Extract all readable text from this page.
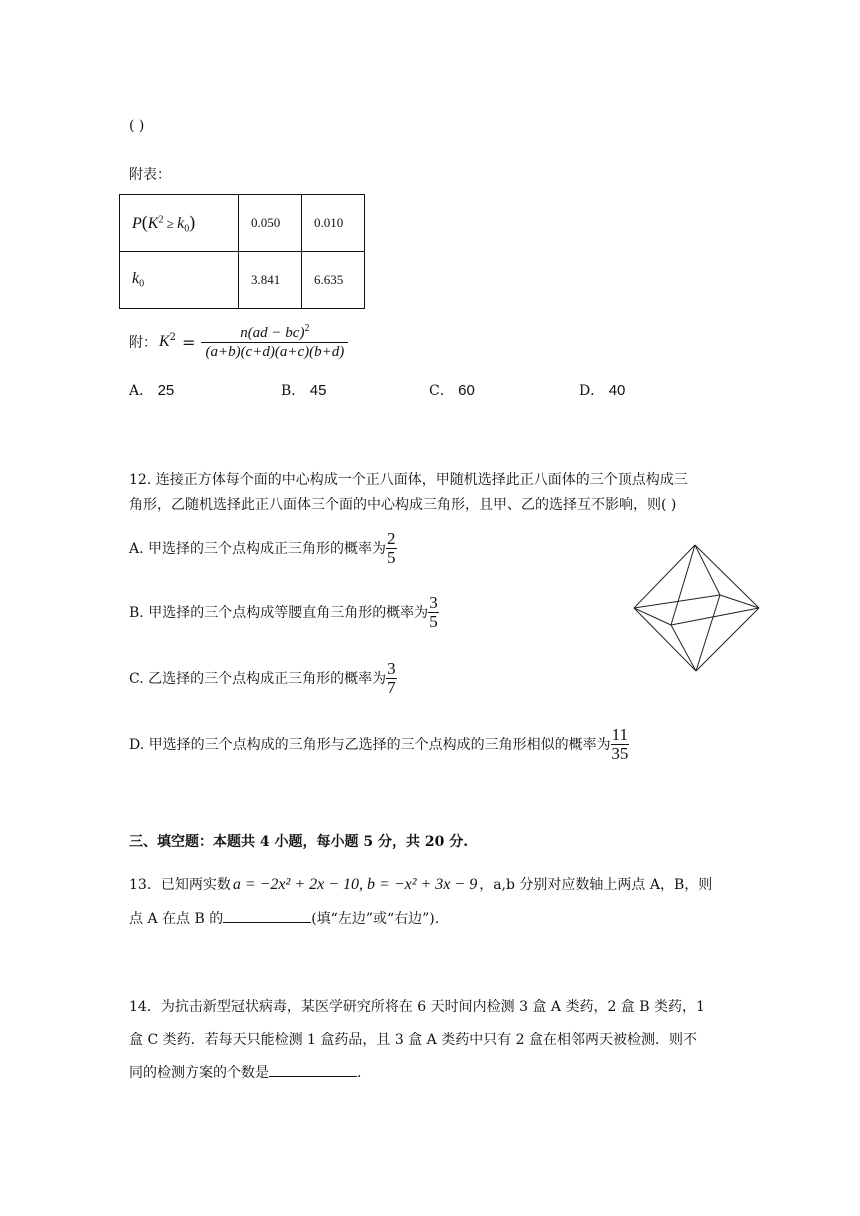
( )
附表：
$P(K^2 \ge k_0)$	0.050	0.010
$k_0$	3.841	6.635
附： $K^2 = \frac{n(ad - bc)^2}{(a+b)(c+d)(a+c)(b+d)}$
A． 25	B． 45	C． 60	D． 40
12. 连接正方体每个面的中心构成一个正八面体，甲随机选择此正八面体的三个顶点构成三
角形，乙随机选择此正八面体三个面的中心构成三角形，且甲、乙的选择互不影响，则( )
A. 甲选择的三个点构成正三角形的概率为 $\frac{2}{5}$
B. 甲选择的三个点构成等腰直角三角形的概率为 $\frac{3}{5}$
C. 乙选择的三个点构成正三角形的概率为 $\frac{3}{7}$
D. 甲选择的三个点构成的三角形与乙选择的三个点构成的三角形相似的概率为 $\frac{11}{35}$
三、填空题：本题共 4 小题，每小题 5 分，共 20 分.
13．已知两实数 a = −2x² + 2x − 10, b = −x² + 3x − 9 ，a,b 分别对应数轴上两点 A，B，则
点 A 在点 B 的	(填“左边”或“右边”).
14．为抗击新型冠状病毒，某医学研究所将在 6 天时间内检测 3 盒 A 类药，2 盒 B 类药，1
盒 C 类药．若每天只能检测 1 盒药品，且 3 盒 A 类药中只有 2 盒在相邻两天被检测．则不
同的检测方案的个数是	.
